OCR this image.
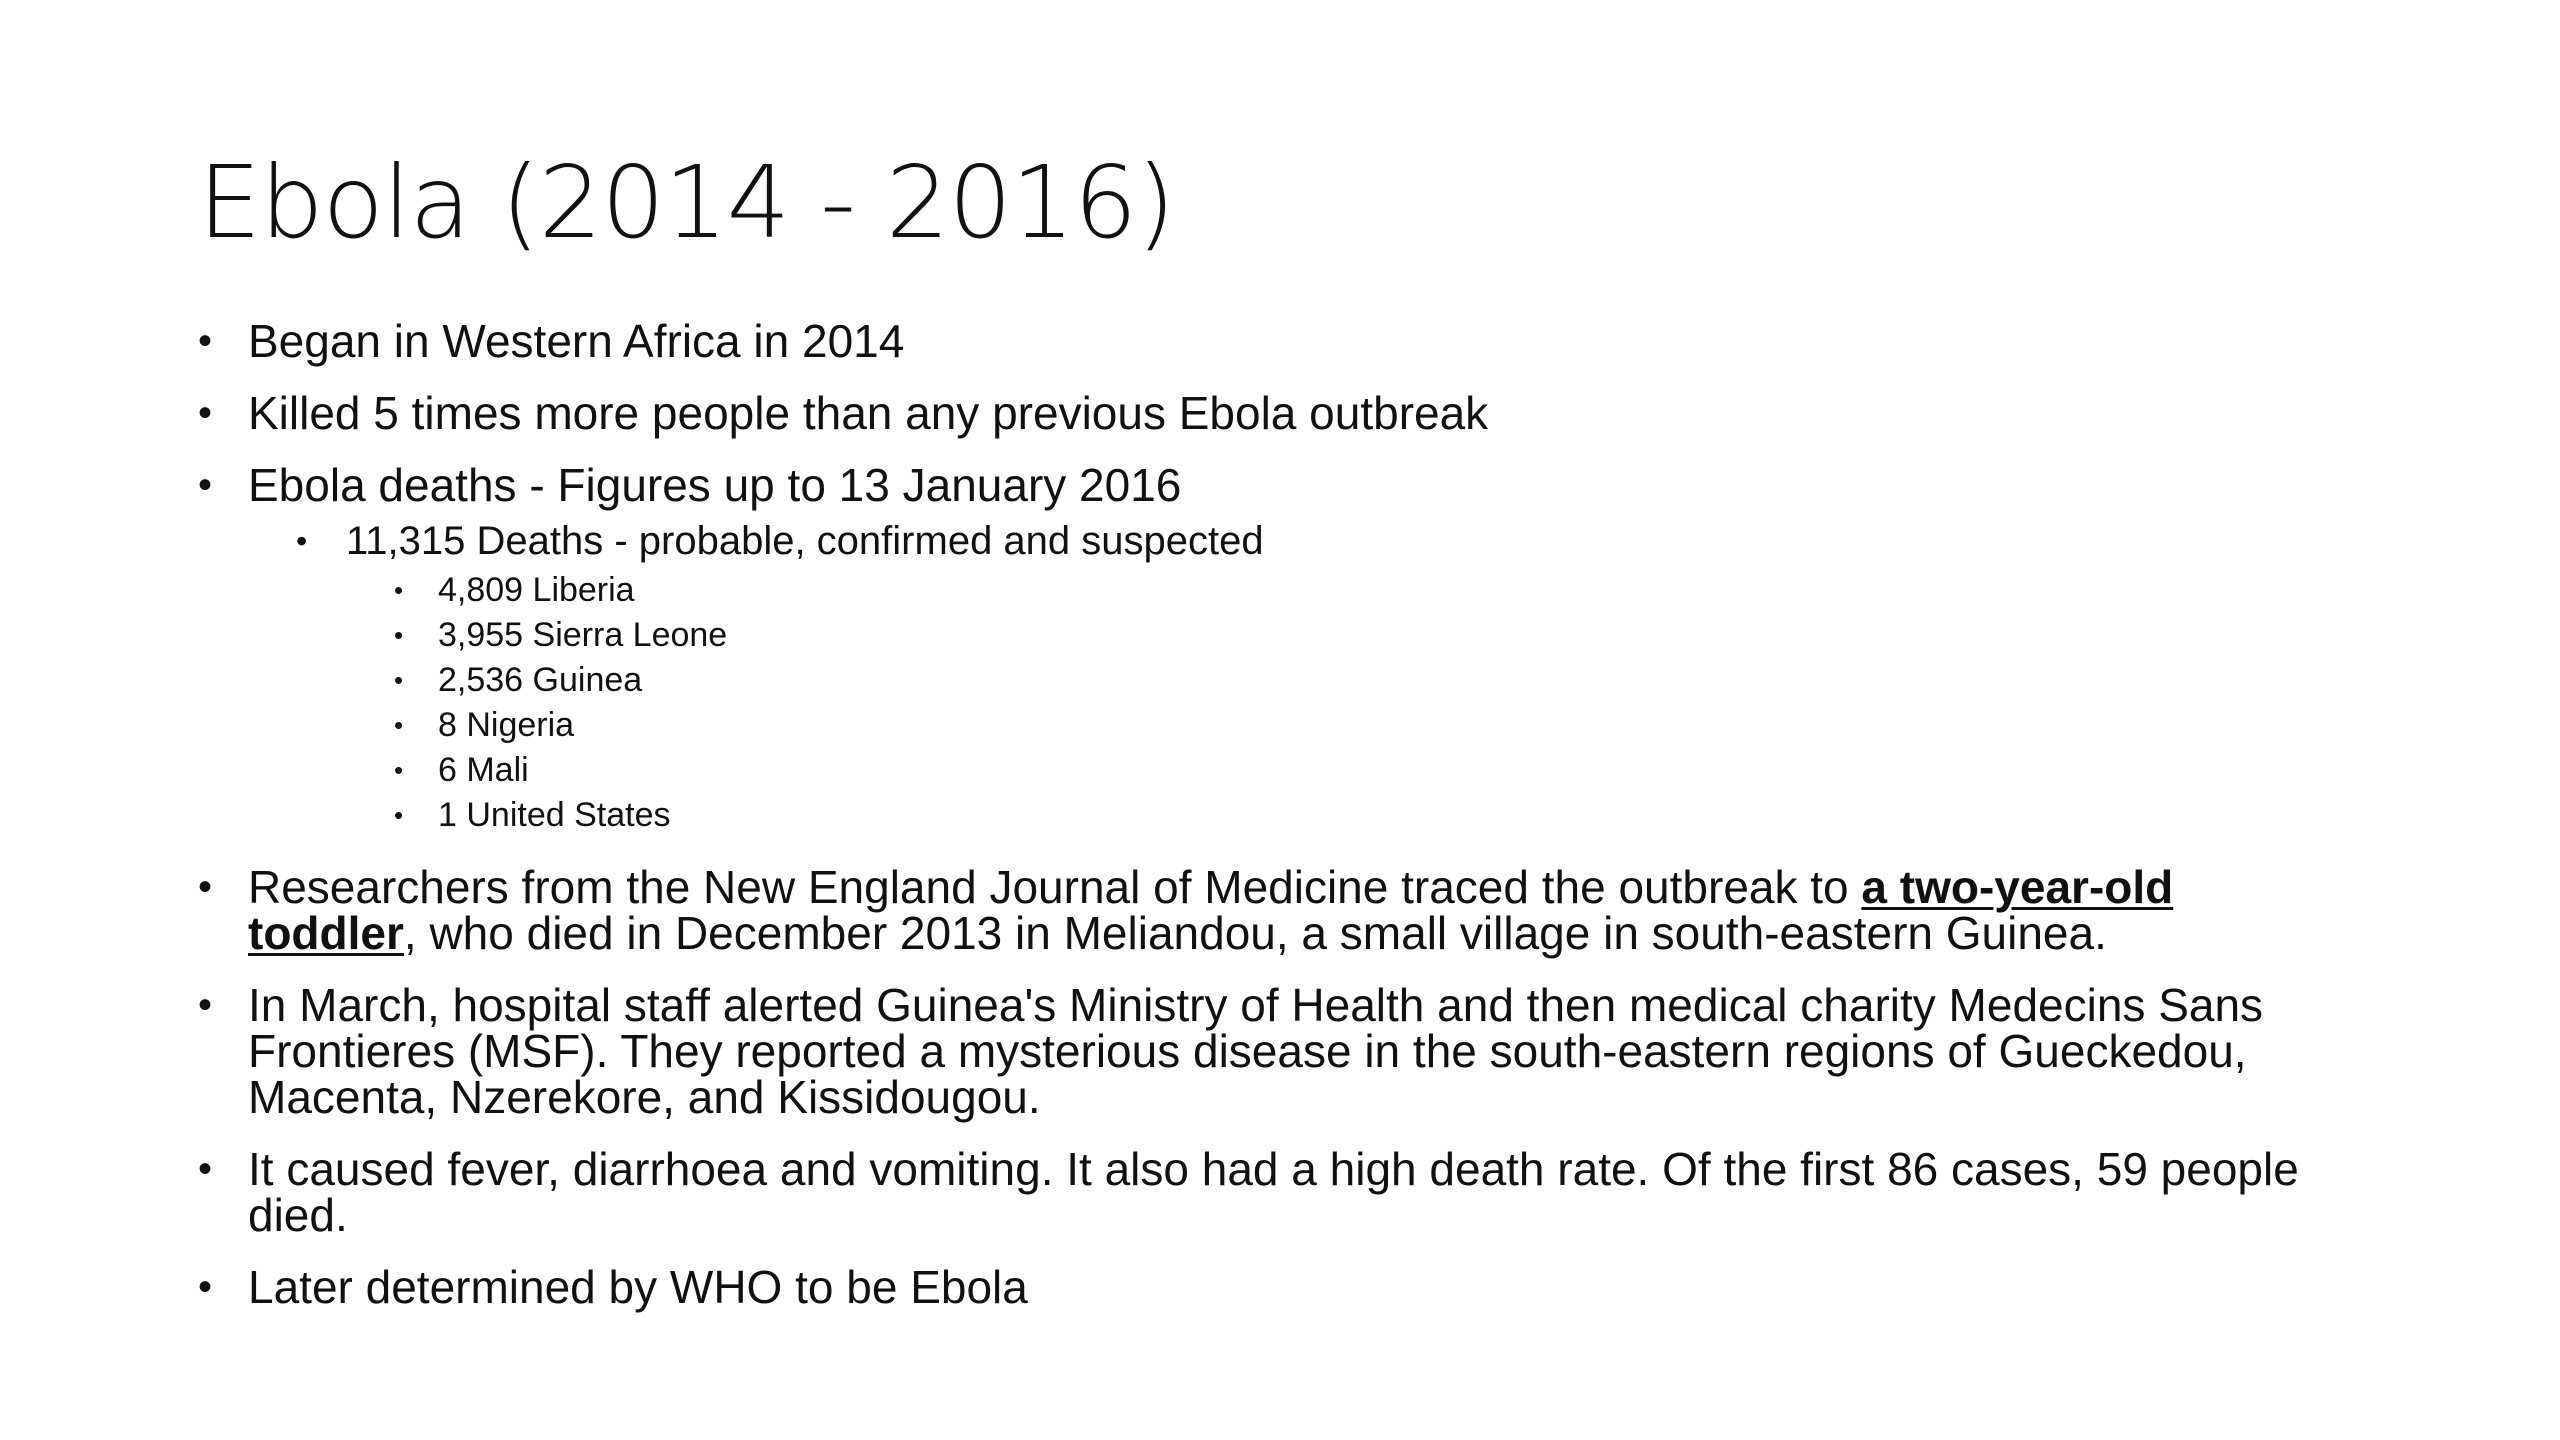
Ebola (2014 - 2016)
• Began in Western Africa in 2014
• Killed 5 times more people than any previous Ebola outbreak
• Ebola deaths - Figures up to 13 January 2016
• 11,315 Deaths - probable, confirmed and suspected
• 4,809 Liberia
• 3,955 Sierra Leone
• 2,536 Guinea
• 8 Nigeria
• 6 Mali
• 1 United States
• Researchers from the New England Journal of Medicine traced the outbreak to a two-year-old toddler, who died in December 2013 in Meliandou, a small village in south-eastern Guinea.
• In March, hospital staff alerted Guinea's Ministry of Health and then medical charity Medecins Sans Frontieres (MSF). They reported a mysterious disease in the south-eastern regions of Gueckedou, Macenta, Nzerekore, and Kissidougou.
• It caused fever, diarrhoea and vomiting. It also had a high death rate. Of the first 86 cases, 59 people died.
• Later determined by WHO to be Ebola
